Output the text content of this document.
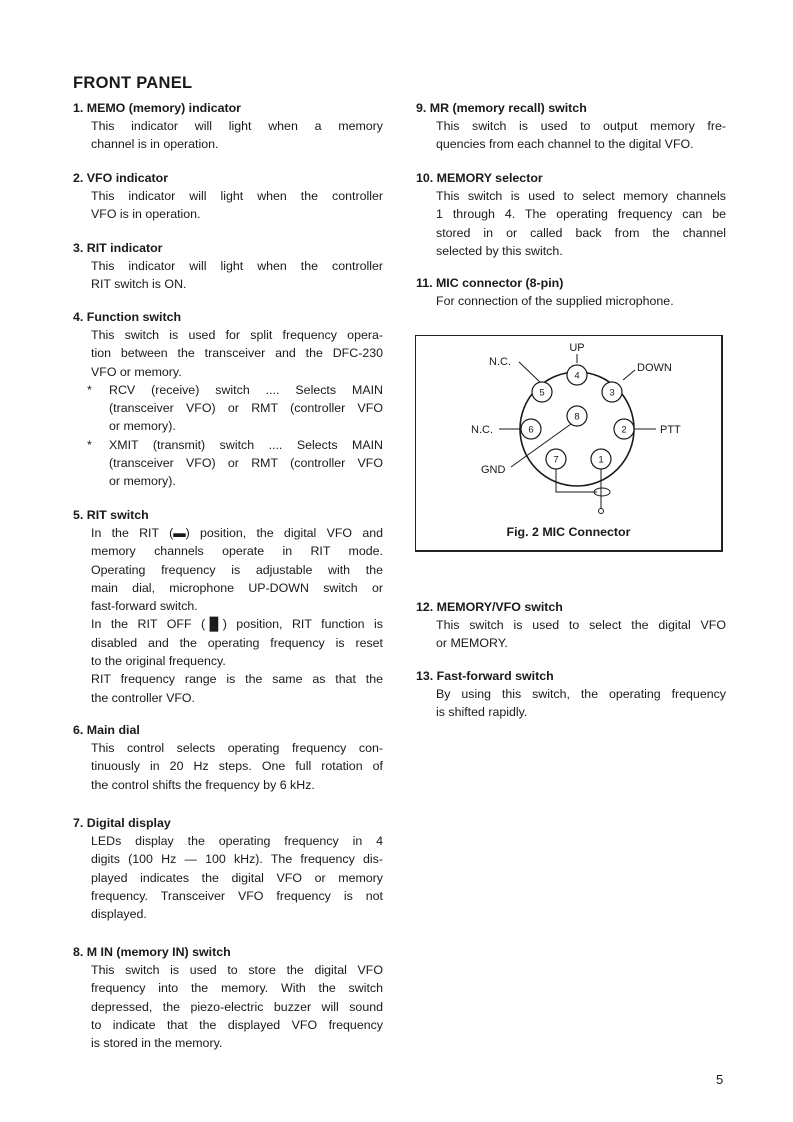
FRONT PANEL
1. MEMO (memory) indicator
This indicator will light when a memory
channel is in operation.
2. VFO indicator
This indicator will light when the controller
VFO is in operation.
3. RIT indicator
This indicator will light when the controller
RIT switch is ON.
4. Function switch
This switch is used for split frequency opera-
tion between the transceiver and the DFC-230
VFO or memory.
*	RCV (receive) switch .... Selects MAIN
(transceiver VFO) or RMT (controller VFO
or memory).
*	XMIT (transmit) switch .... Selects MAIN
(transceiver VFO) or RMT (controller VFO
or memory).
5. RIT switch
In the RIT (▬) position, the digital VFO and
memory channels operate in RIT mode.
Operating frequency is adjustable with the
main dial, microphone UP-DOWN switch or
fast-forward switch.
In the RIT OFF (▐▌) position, RIT function is
disabled and the operating frequency is reset
to the original frequency.
RIT frequency range is the same as that the
the controller VFO.
6. Main dial
This control selects operating frequency con-
tinuously in 20 Hz steps. One full rotation of
the control shifts the frequency by 6 kHz.
7. Digital display
LEDs display the operating frequency in 4
digits (100 Hz — 100 kHz). The frequency dis-
played indicates the digital VFO or memory
frequency. Transceiver VFO frequency is not
displayed.
8. M IN (memory IN) switch
This switch is used to store the digital VFO
frequency into the memory. With the switch
depressed, the piezo-electric buzzer will sound
to indicate that the displayed VFO frequency
is stored in the memory.
9. MR (memory recall) switch
This switch is used to output memory fre-
quencies from each channel to the digital VFO.
10. MEMORY selector
This switch is used to select memory channels
1 through 4. The operating frequency can be
stored in or called back from the channel
selected by this switch.
11. MIC connector (8-pin)
For connection of the supplied microphone.
12. MEMORY/VFO switch
This switch is used to select the digital VFO
or MEMORY.
13. Fast-forward switch
By using this switch, the operating frequency
is shifted rapidly.
4
3
2
1
7
6
5
8
UP
DOWN
PTT
N.C.
N.C.
GND
Fig. 2 MIC Connector
5
